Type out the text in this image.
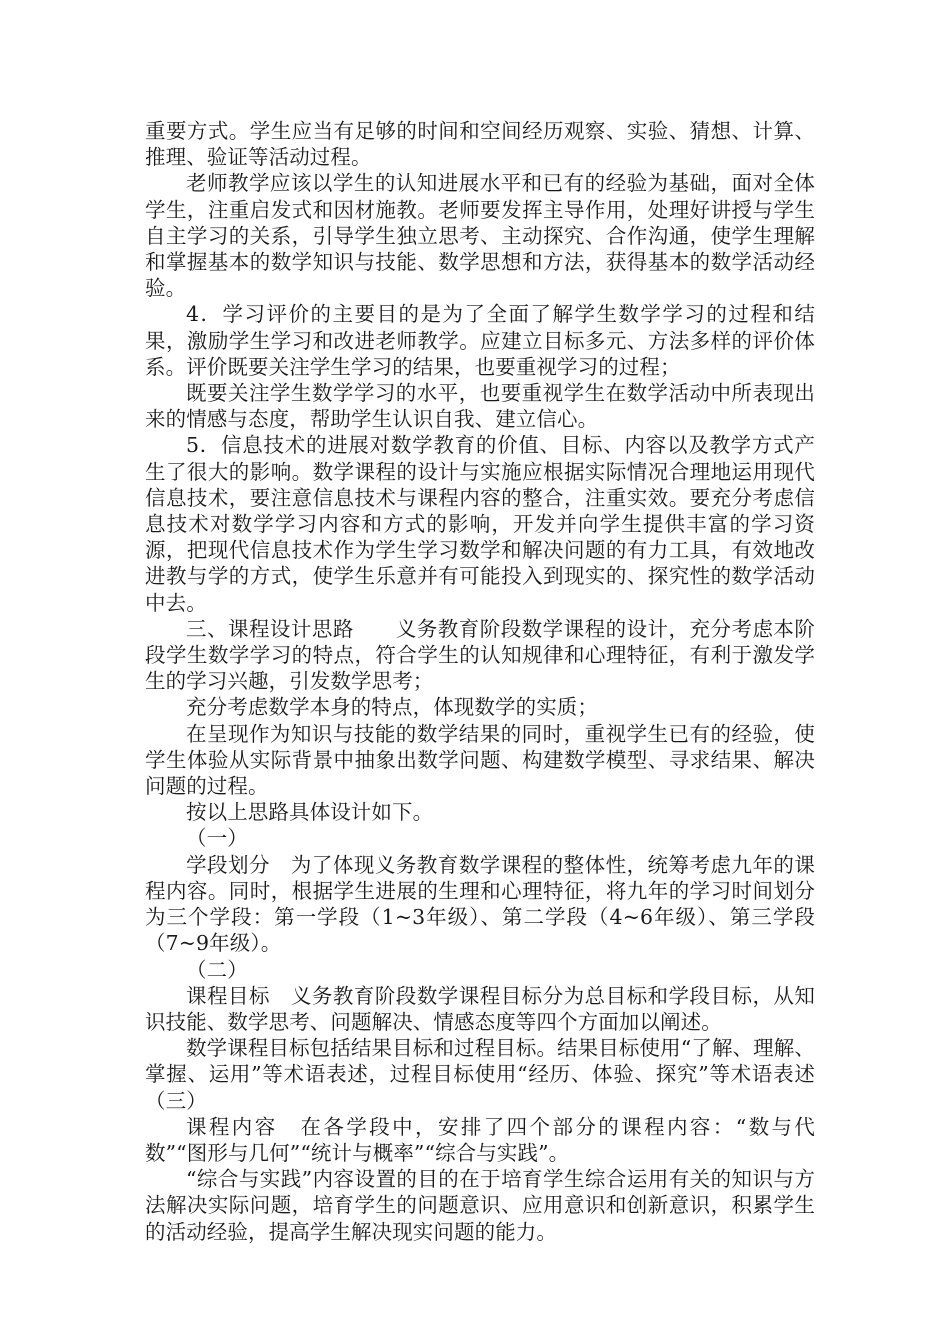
重要方式。学生应当有足够的时间和空间经历观察、实验、猜想、计算、推理、验证等活动过程。

老师教学应该以学生的认知进展水平和已有的经验为基础，面对全体学生，注重启发式和因材施教。老师要发挥主导作用，处理好讲授与学生自主学习的关系，引导学生独立思考、主动探究、合作沟通，使学生理解和掌握基本的数学知识与技能、数学思想和方法，获得基本的数学活动经验。

4．学习评价的主要目的是为了全面了解学生数学学习的过程和结果，激励学生学习和改进老师教学。应建立目标多元、方法多样的评价体系。评价既要关注学生学习的结果，也要重视学习的过程；

既要关注学生数学学习的水平，也要重视学生在数学活动中所表现出来的情感与态度，帮助学生认识自我、建立信心。

5．信息技术的进展对数学教育的价值、目标、内容以及教学方式产生了很大的影响。数学课程的设计与实施应根据实际情况合理地运用现代信息技术，要注意信息技术与课程内容的整合，注重实效。要充分考虑信息技术对数学学习内容和方式的影响，开发并向学生提供丰富的学习资源，把现代信息技术作为学生学习数学和解决问题的有力工具，有效地改进教与学的方式，使学生乐意并有可能投入到现实的、探究性的数学活动中去。

三、课程设计思路　　义务教育阶段数学课程的设计，充分考虑本阶段学生数学学习的特点，符合学生的认知规律和心理特征，有利于激发学生的学习兴趣，引发数学思考；

充分考虑数学本身的特点，体现数学的实质；

在呈现作为知识与技能的数学结果的同时，重视学生已有的经验，使学生体验从实际背景中抽象出数学问题、构建数学模型、寻求结果、解决问题的过程。

按以上思路具体设计如下。

（一）

学段划分　为了体现义务教育数学课程的整体性，统筹考虑九年的课程内容。同时，根据学生进展的生理和心理特征，将九年的学习时间划分为三个学段：第一学段（1~3年级）、第二学段（4~6年级）、第三学段（7~9年级）。

（二）

课程目标　义务教育阶段数学课程目标分为总目标和学段目标，从知识技能、数学思考、问题解决、情感态度等四个方面加以阐述。

数学课程目标包括结果目标和过程目标。结果目标使用“了解、理解、掌握、运用”等术语表述，过程目标使用“经历、体验、探究”等术语表述　（三）

课程内容　在各学段中，安排了四个部分的课程内容：“数与代数”“图形与几何”“统计与概率”“综合与实践”。

“综合与实践”内容设置的目的在于培育学生综合运用有关的知识与方法解决实际问题，培育学生的问题意识、应用意识和创新意识，积累学生的活动经验，提高学生解决现实问题的能力。
